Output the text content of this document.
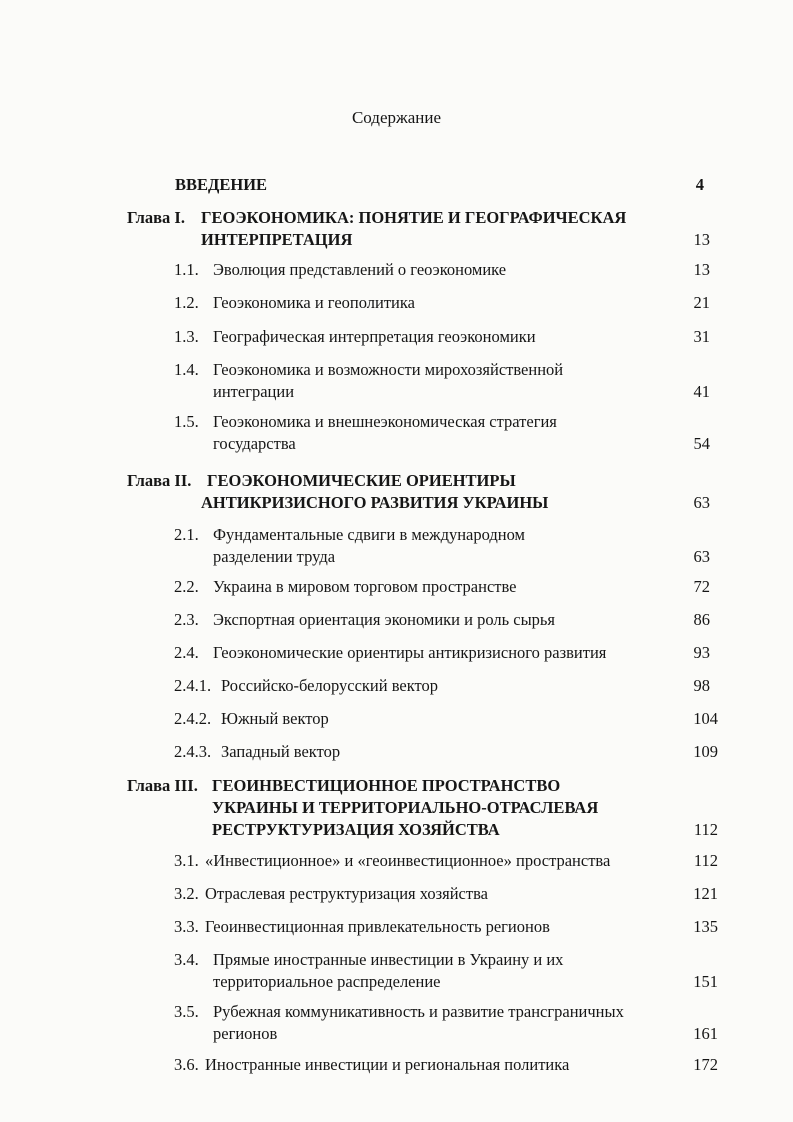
Содержание
ВВЕДЕНИЕ	4
Глава I. ГЕОЭКОНОМИКА: ПОНЯТИЕ И ГЕОГРАФИЧЕСКАЯ
ИНТЕРПРЕТАЦИЯ	13
1.1. Эволюция представлений о геоэкономике	13
1.2. Геоэкономика и геополитика	21
1.3. Географическая интерпретация геоэкономики	31
1.4. Геоэкономика и возможности мирохозяйственной
интеграции	41
1.5. Геоэкономика и внешнеэкономическая стратегия
государства	54
Глава II. ГЕОЭКОНОМИЧЕСКИЕ ОРИЕНТИРЫ
АНТИКРИЗИСНОГО РАЗВИТИЯ УКРАИНЫ	63
2.1. Фундаментальные сдвиги в международном
разделении труда	63
2.2. Украина в мировом торговом пространстве	72
2.3. Экспортная ориентация экономики и роль сырья	86
2.4. Геоэкономические ориентиры антикризисного развития	93
2.4.1. Российско-белорусский вектор	98
2.4.2. Южный вектор	104
2.4.3. Западный вектор	109
Глава III. ГЕОИНВЕСТИЦИОННОЕ ПРОСТРАНСТВО
УКРАИНЫ И ТЕРРИТОРИАЛЬНО-ОТРАСЛЕВАЯ
РЕСТРУКТУРИЗАЦИЯ ХОЗЯЙСТВА	112
3.1. «Инвестиционное» и «геоинвестиционное» пространства	112
3.2. Отраслевая реструктуризация хозяйства	121
3.3. Геоинвестиционная привлекательность регионов	135
3.4. Прямые иностранные инвестиции в Украину и их
территориальное распределение	151
3.5. Рубежная коммуникативность и развитие трансграничных
регионов	161
3.6. Иностранные инвестиции и региональная политика	172
